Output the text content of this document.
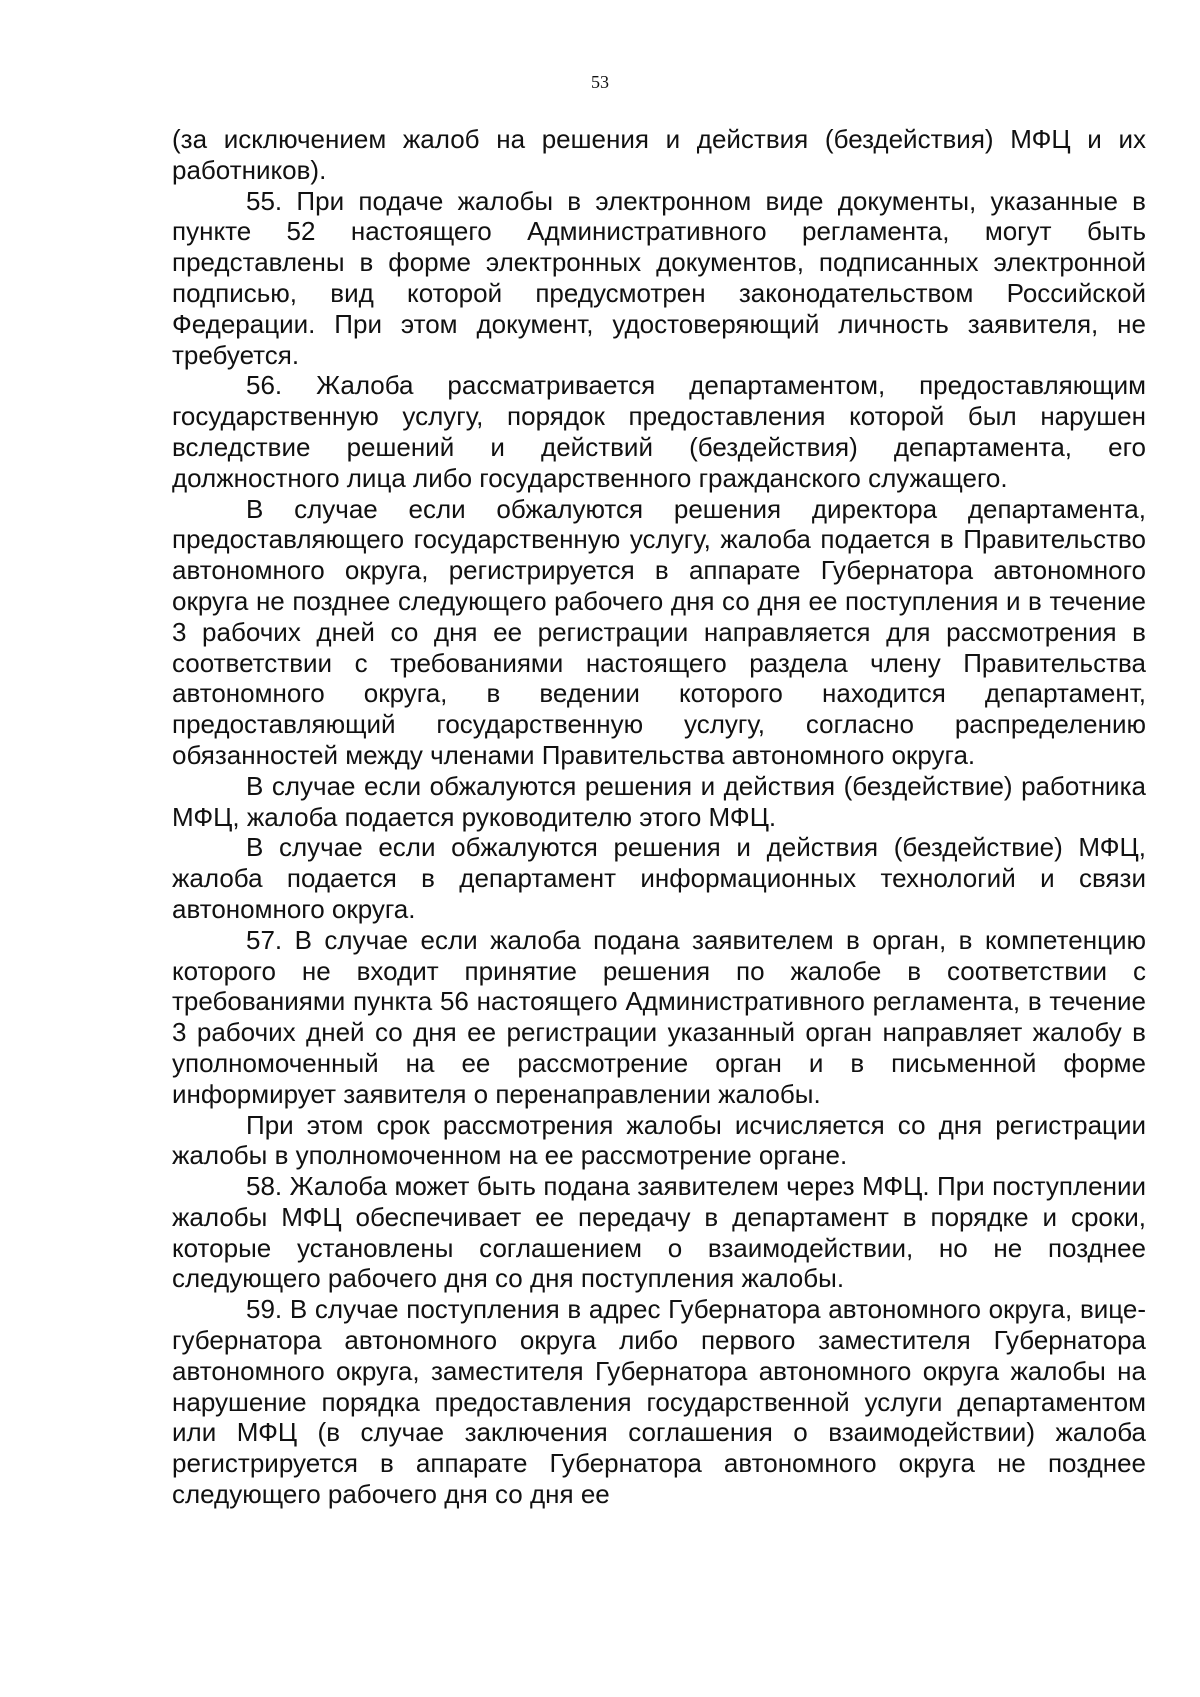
53

(за исключением жалоб на решения и действия (бездействия) МФЦ и их работников).

55. При подаче жалобы в электронном виде документы, указанные в пункте 52 настоящего Административного регламента, могут быть представлены в форме электронных документов, подписанных электронной подписью, вид которой предусмотрен законодательством Российской Федерации. При этом документ, удостоверяющий личность заявителя, не требуется.

56. Жалоба рассматривается департаментом, предоставляющим государственную услугу, порядок предоставления которой был нарушен вследствие решений и действий (бездействия) департамента, его должностного лица либо государственного гражданского служащего.

В случае если обжалуются решения директора департамента, предоставляющего государственную услугу, жалоба подается в Правительство автономного округа, регистрируется в аппарате Губернатора автономного округа не позднее следующего рабочего дня со дня ее поступления и в течение 3 рабочих дней со дня ее регистрации направляется для рассмотрения в соответствии с требованиями настоящего раздела члену Правительства автономного округа, в ведении которого находится департамент, предоставляющий государственную услугу, согласно распределению обязанностей между членами Правительства автономного округа.

В случае если обжалуются решения и действия (бездействие) работника МФЦ, жалоба подается руководителю этого МФЦ.

В случае если обжалуются решения и действия (бездействие) МФЦ, жалоба подается в департамент информационных технологий и связи автономного округа.

57. В случае если жалоба подана заявителем в орган, в компетенцию которого не входит принятие решения по жалобе в соответствии с требованиями пункта 56 настоящего Административного регламента, в течение 3 рабочих дней со дня ее регистрации указанный орган направляет жалобу в уполномоченный на ее рассмотрение орган и в письменной форме информирует заявителя о перенаправлении жалобы.

При этом срок рассмотрения жалобы исчисляется со дня регистрации жалобы в уполномоченном на ее рассмотрение органе.

58. Жалоба может быть подана заявителем через МФЦ. При поступлении жалобы МФЦ обеспечивает ее передачу в департамент в порядке и сроки, которые установлены соглашением о взаимодействии, но не позднее следующего рабочего дня со дня поступления жалобы.

59. В случае поступления в адрес Губернатора автономного округа, вице-губернатора автономного округа либо первого заместителя Губернатора автономного округа, заместителя Губернатора автономного округа жалобы на нарушение порядка предоставления государственной услуги департаментом или МФЦ (в случае заключения соглашения о взаимодействии) жалоба регистрируется в аппарате Губернатора автономного округа не позднее следующего рабочего дня со дня ее
